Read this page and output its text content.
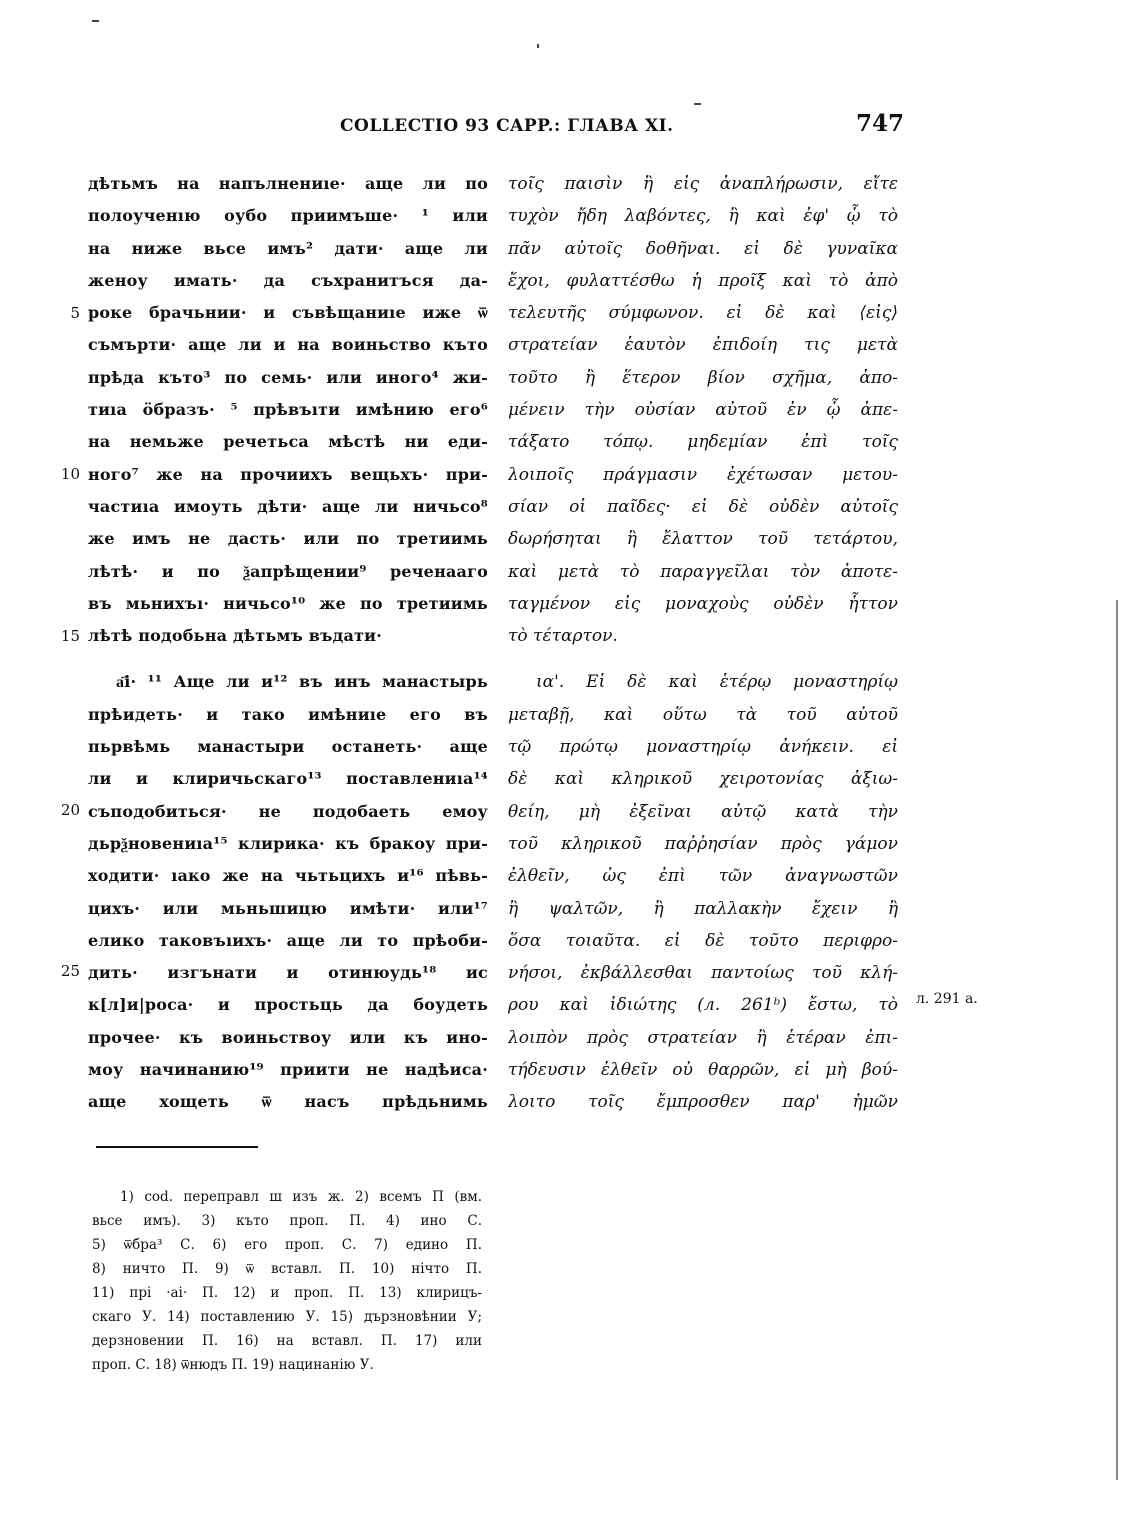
COLLECTIO 93 CAPP.: ГЛАВА XI.	747
5
10
15
20
25
дѣтьмъ на напълнениıе· аще ли по
полоученıю оубо приимъше· ¹ или
на ниже вьсе имъ² дати· аще ли
женоу имать· да съхранитъся да-
роке брачьнии· и съвѣщаниıе иже ѿ
съмърти· аще ли и на воиньство къто
прѣда къто³ по семь· или иного⁴ жи-
тиıа ӧбразъ· ⁵ прѣвъıти имѣнию его⁶
на немьже речетьса мѣстѣ ни еди-
ного⁷ же на прочиихъ вещьхъ· при-
частиıа имоуть дѣти· аще ли ничьсо⁸
же имъ не дасть· или по третиимь
лѣтѣ· и по ѯапрѣщении⁹ реченааго
въ мьнихъı· ничьсо¹⁰ же по третиимь
лѣтѣ подобьна дѣтьмъ въдати·
а҃і· ¹¹ Аще ли и¹² въ инъ манастырь
прѣидеть· и тако имѣниıе его въ
пьрвѣмь манастыри останеть· аще
ли и клиричьскаго¹³ поставлениıа¹⁴
съподобиться· не подобаеть емоу
дьрѯновениıа¹⁵ клирика· къ бракоу при-
ходити· ıако же на чьтьцихъ и¹⁶ пѣвь-
цихъ· или мьньшицю имѣти· или¹⁷
еликo таковъıихъ· аще ли то прѣоби-
дить· изгънати и отинюудь¹⁸ ис
к[л]и|роса· и простьць да боудеть
прочее· къ воиньствоу или къ инo-
моу начинанию¹⁹ приити не надѣиса·
аще хощеть ѿ насъ прѣдьнимь
τοῖς παισὶν ἢ εἰς ἀναπλήρωσιν, εἴτε
τυχὸν ἤδη λαβόντες, ἢ καὶ ἐφ' ᾧ τὸ
πᾶν αὐτοῖς δοθῆναι. εἰ δὲ γυναῖκα
ἔχοι, φυλαττέσθω ἡ προῖξ καὶ τὸ ἀπὸ
τελευτῆς σύμφωνον. εἰ δὲ καὶ ⟨εἰς⟩
στρατείαν ἑαυτὸν ἐπιδοίη τις μετὰ
τοῦτο ἢ ἕτερον βίον σχῆμα, ἀπο-
μένειν τὴν οὐσίαν αὐτοῦ ἐν ᾧ ἀπε-
τάξατο τόπῳ. μηδεμίαν ἐπὶ τοῖς
λοιποῖς πράγμασιν ἐχέτωσαν μετου-
σίαν οἱ παῖδες· εἰ δὲ οὐδὲν αὐτοῖς
δωρήσηται ἢ ἔλαττον τοῦ τετάρτου,
καὶ μετὰ τὸ παραγγεῖλαι τὸν ἀποτε-
ταγμένον εἰς μοναχοὺς οὐδὲν ἧττον
τὸ τέταρτον.
ια'. Εἰ δὲ καὶ ἑτέρῳ μοναστηρίῳ
μεταβῇ, καὶ οὕτω τὰ τοῦ αὐτοῦ
τῷ πρώτῳ μοναστηρίῳ ἀνήκειν. εἰ
δὲ καὶ κληρικοῦ χειροτονίας ἀξιω-
θείη, μὴ ἐξεῖναι αὐτῷ κατὰ τὴν
τοῦ κληρικοῦ παῤῥησίαν πρὸς γάμον
ἐλθεῖν, ὡς ἐπὶ τῶν ἀναγνωστῶν
ἢ ψαλτῶν, ἢ παλλακὴν ἔχειν ἢ
ὅσα τοιαῦτα. εἰ δὲ τοῦτο περιφρο-
νήσοι, ἐκβάλλεσθαι παντοίως τοῦ κλή-
ρου καὶ ἰδιώτης (л. 261ᵇ) ἔστω, τὸ
λοιπὸν πρὸς στρατείαν ἢ ἑτέραν ἐπι-
τήδευσιν ἐλθεῖν οὐ θαρρῶν, εἰ μὴ βού-
λοιτο τοῖς ἔμπροσθεν παρ' ἡμῶν
л. 291 а.
1) cod. переправл ш изъ ж. 2) всемъ П (вм.
вьсе имъ). 3) къто проп. П. 4) ино С.
5) ѿбра³ С. 6) его проп. С. 7) едино П.
8) ничто П. 9) ѿ вставл. П. 10) нічто П.
11) прі ·аі· П. 12) и проп. П. 13) клирицъ-
скаго У. 14) поставлению У. 15) дързновѣнии У;
дерзновении П. 16) на вставл. П. 17) или
проп. С. 18) ѿнюдъ П. 19) нацинанію У.
